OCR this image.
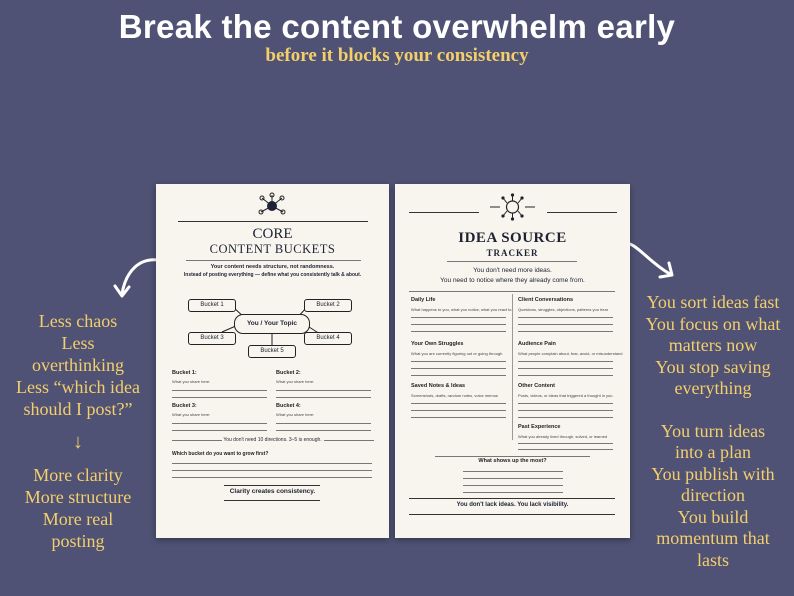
Break the content overwhelm early
before it blocks your consistency
Less chaos
Less
overthinking
Less “which idea
should I post?”
↓
More clarity
More structure
More real
posting
You sort ideas fast
You focus on what
matters now
You stop saving
everything
You turn ideas
into a plan
You publish with
direction
You build
momentum that
lasts
CORE
CONTENT BUCKETS
Your content needs structure, not randomness.
Instead of posting everything — define what you consistently talk & about.
Bucket 1	Bucket 2
Bucket 3	Bucket 4
Bucket 5
You / Your Topic
Bucket 1:
What you share here:
Bucket 2:
What you share here:
Bucket 3:
What you share here:
Bucket 4:
What you share here:
You don't need 10 directions. 3–5 is enough.
Which bucket do you want to grow first?
Clarity creates consistency.
IDEA SOURCE
TRACKER
You don't need more ideas.
You need to notice where they already come from.
Daily Life
What happens to you, what you notice, what you react to
Your Own Struggles
What you are currently figuring out or going through
Saved Notes & Ideas
Screenshots, drafts, random notes, voice memos
Client Conversations
Questions, struggles, objections, patterns you hear
Audience Pain
What people complain about, fear, avoid, or misunderstand
Other Content
Posts, videos, or ideas that triggered a thought in you
Past Experience
What you already lived through, solved, or learned
What shows up the most?
You don't lack ideas. You lack visibility.
